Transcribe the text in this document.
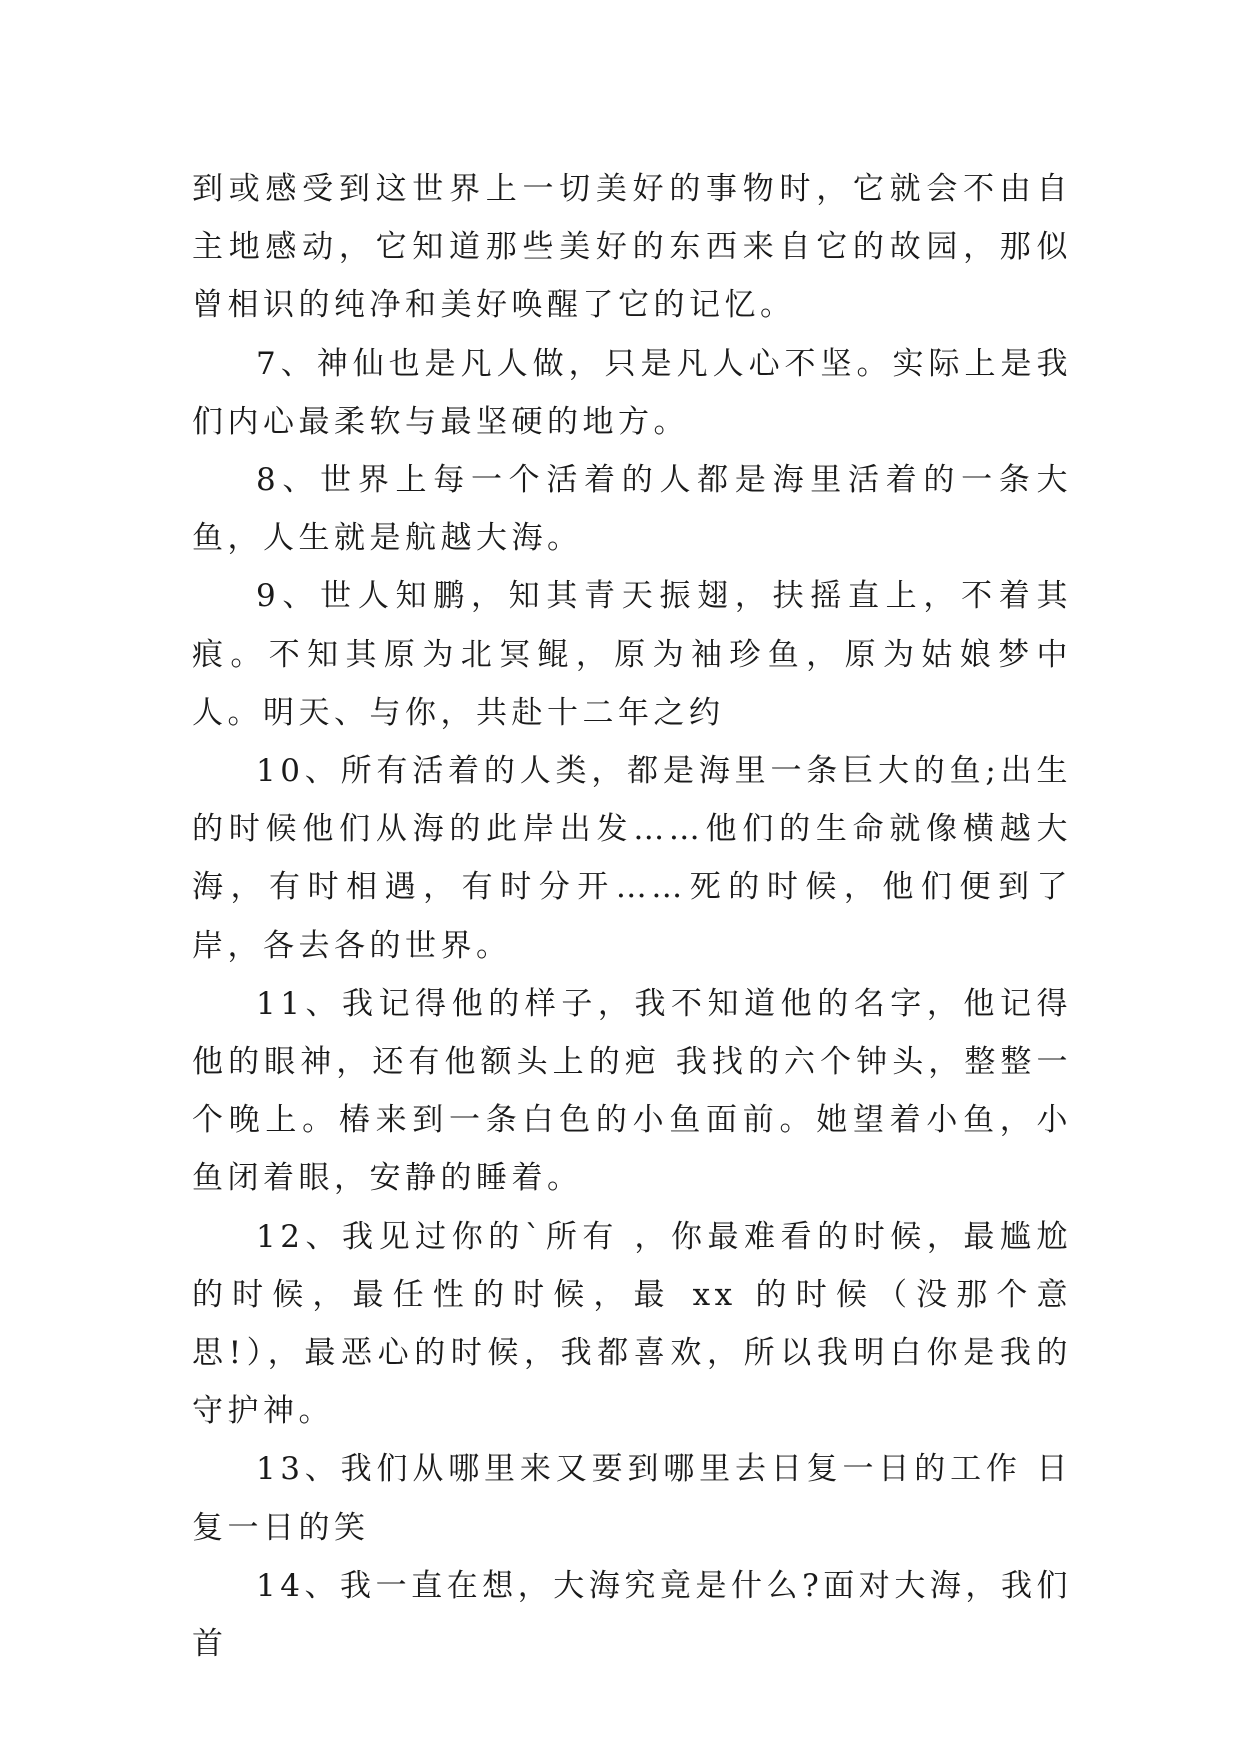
到或感受到这世界上一切美好的事物时，它就会不由自主地感动，它知道那些美好的东西来自它的故园，那似曾相识的纯净和美好唤醒了它的记忆。

7、神仙也是凡人做，只是凡人心不坚。实际上是我们内心最柔软与最坚硬的地方。

8、世界上每一个活着的人都是海里活着的一条大鱼，人生就是航越大海。

9、世人知鹏，知其青天振翅，扶摇直上，不着其痕。不知其原为北冥鲲，原为袖珍鱼，原为姑娘梦中人。明天、与你，共赴十二年之约

10、所有活着的人类，都是海里一条巨大的鱼;出生的时候他们从海的此岸出发……他们的生命就像横越大海，有时相遇，有时分开……死的时候，他们便到了岸，各去各的世界。

11、我记得他的样子，我不知道他的名字，他记得他的眼神，还有他额头上的疤 我找的六个钟头，整整一个晚上。椿来到一条白色的小鱼面前。她望着小鱼，小鱼闭着眼，安静的睡着。

12、我见过你的`所有 ，你最难看的时候，最尴尬的时候，最任性的时候，最 xx 的时候（没那个意思!），最恶心的时候，我都喜欢，所以我明白你是我的守护神。

13、我们从哪里来又要到哪里去日复一日的工作 日复一日的笑

14、我一直在想，大海究竟是什么?面对大海，我们首
